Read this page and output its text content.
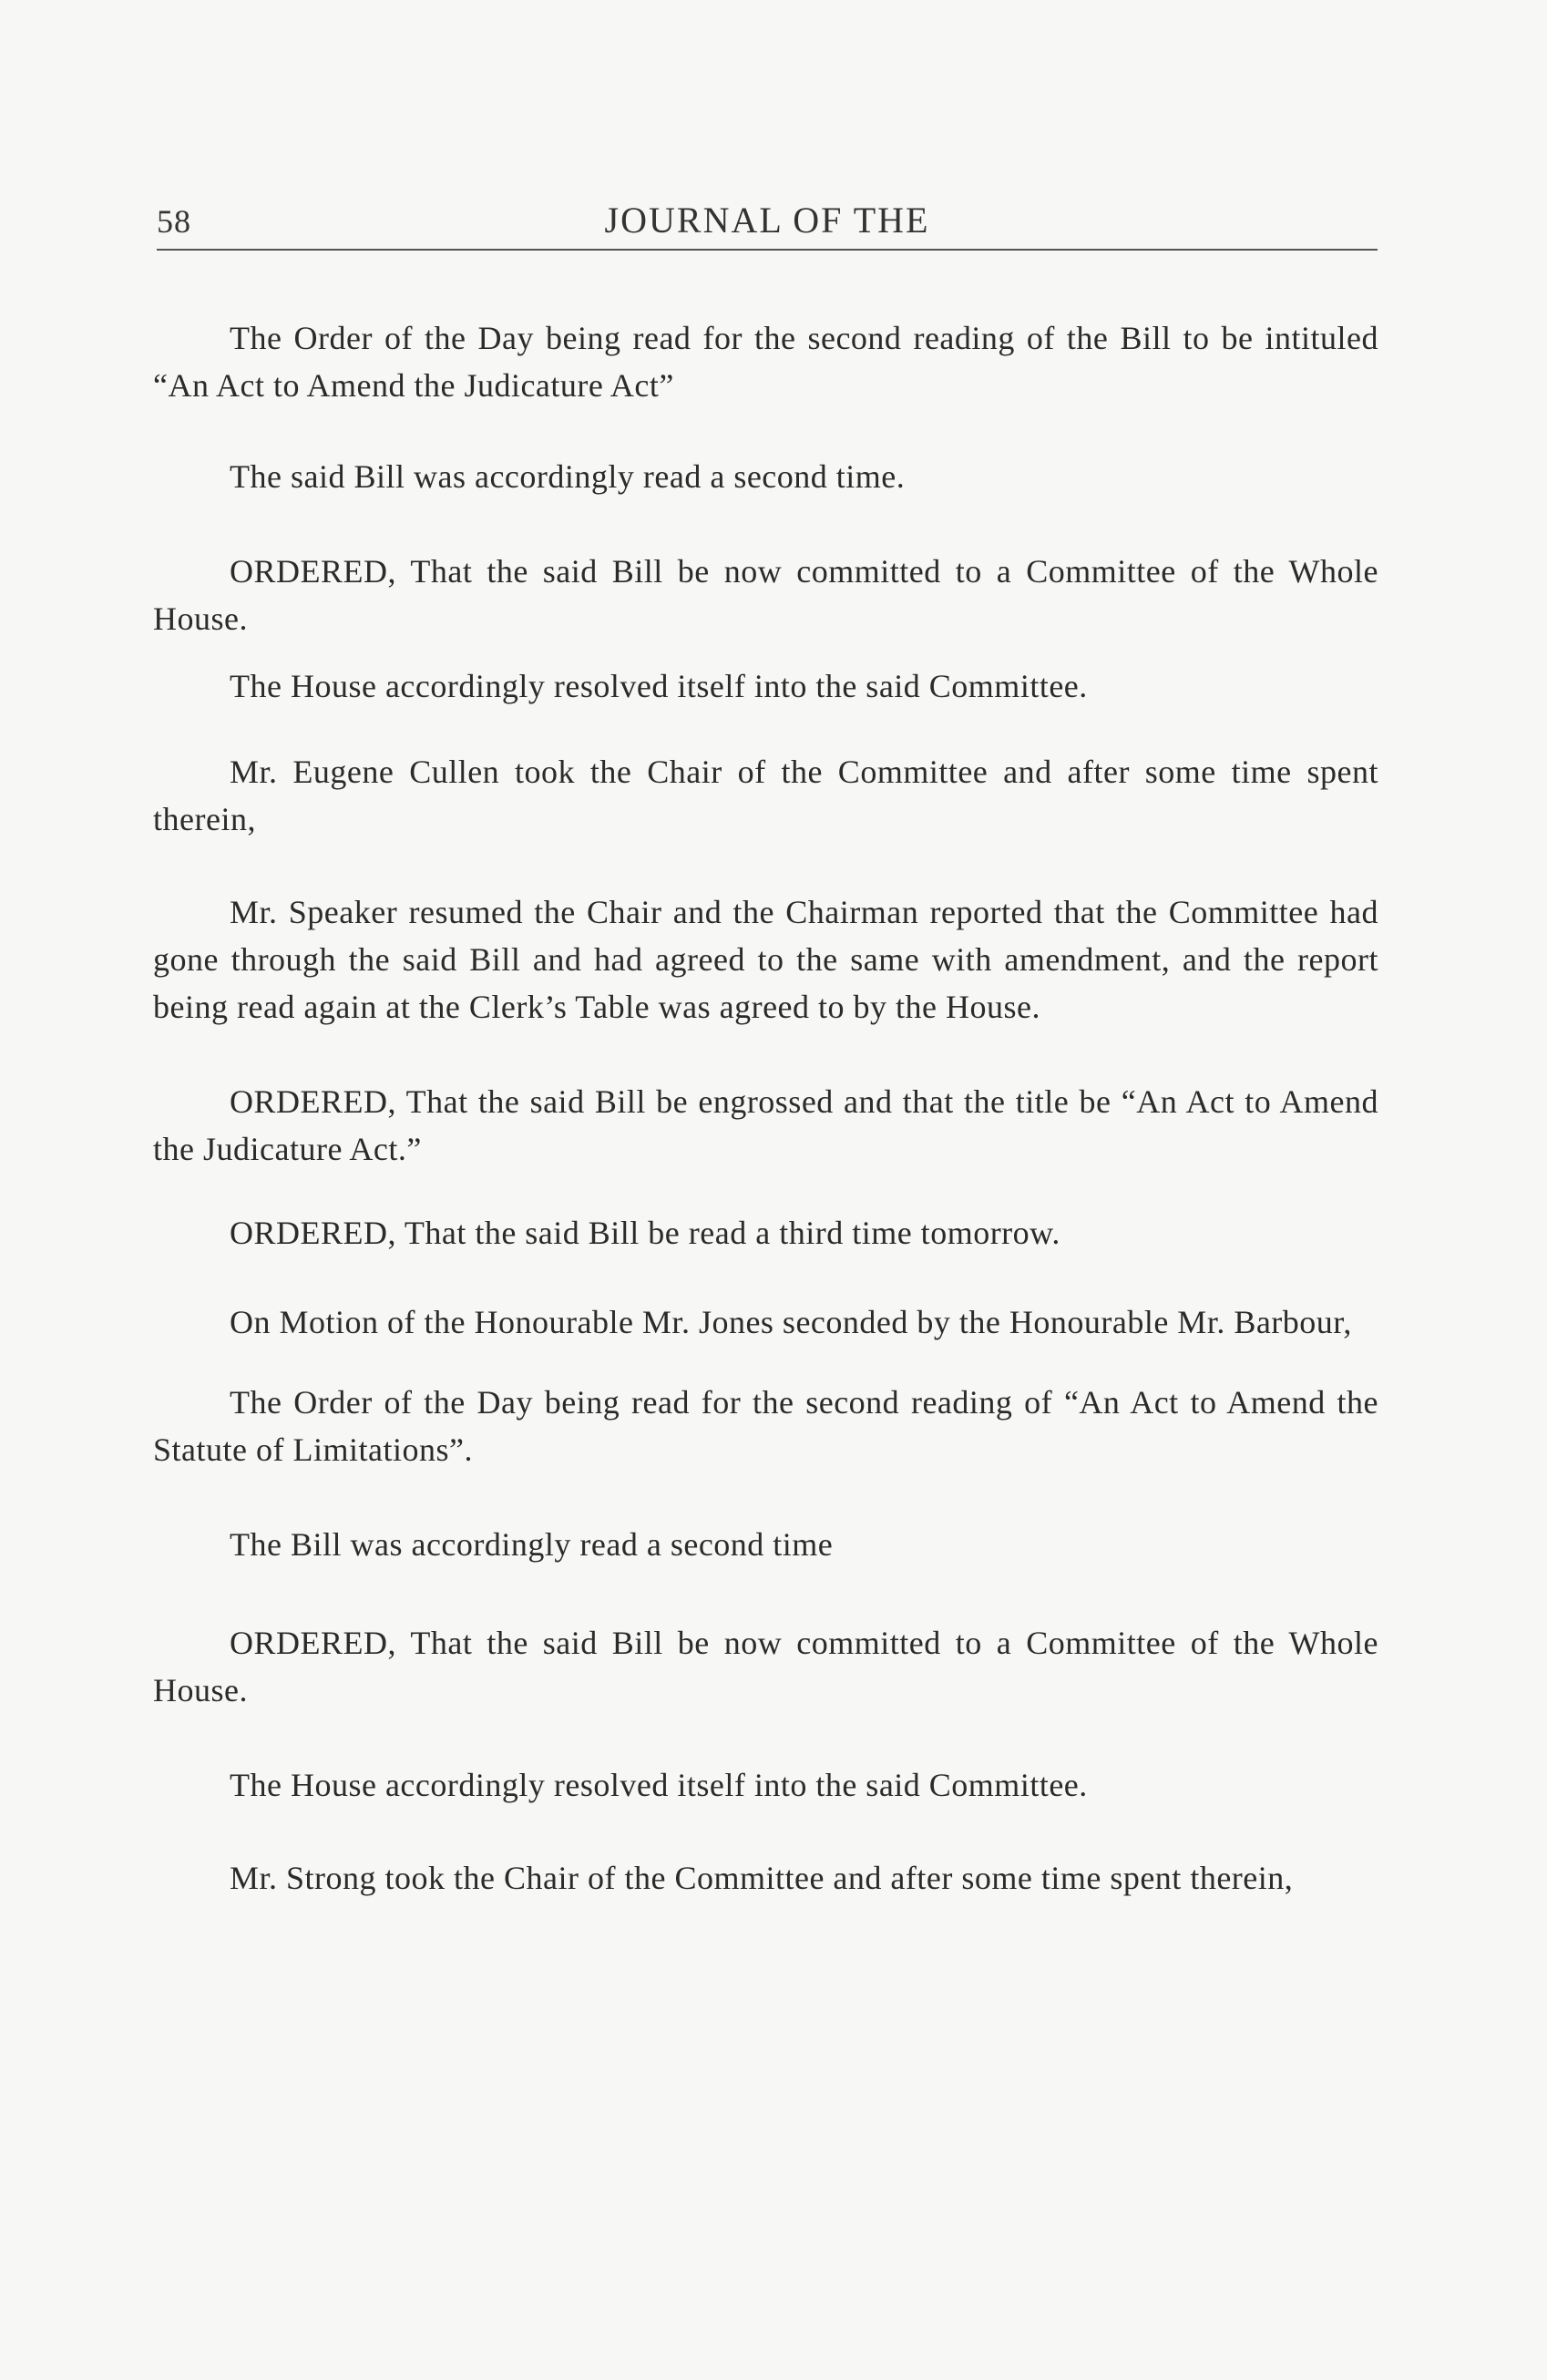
58	JOURNAL OF THE

The Order of the Day being read for the second reading of the Bill to be intituled “An Act to Amend the Judicature Act”

The said Bill was accordingly read a second time.

ORDERED, That the said Bill be now committed to a Committee of the Whole House.

The House accordingly resolved itself into the said Committee.

Mr. Eugene Cullen took the Chair of the Committee and after some time spent therein,

Mr. Speaker resumed the Chair and the Chairman reported that the Committee had gone through the said Bill and had agreed to the same with amendment, and the report being read again at the Clerk’s Table was agreed to by the House.

ORDERED, That the said Bill be engrossed and that the title be “An Act to Amend the Judicature Act.”

ORDERED, That the said Bill be read a third time tomorrow.

On Motion of the Honourable Mr. Jones seconded by the Honourable Mr. Barbour,

The Order of the Day being read for the second reading of “An Act to Amend the Statute of Limitations”.

The Bill was accordingly read a second time

ORDERED, That the said Bill be now committed to a Committee of the Whole House.

The House accordingly resolved itself into the said Committee.

Mr. Strong took the Chair of the Committee and after some time spent therein,
